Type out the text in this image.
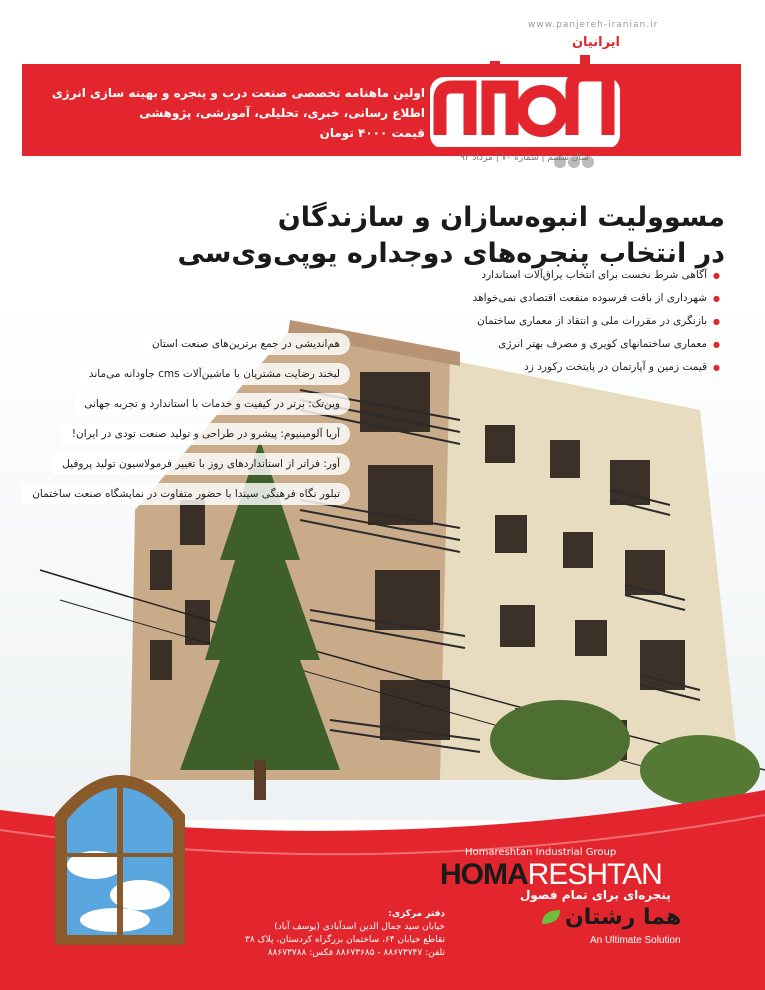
www.panjereh-iranian.ir
ایرانیان
اولین ماهنامه تخصصی صنعت درب و پنجره و بهینه سازی انرژی
اطلاع رسانی، خبری، تحلیلی، آموزشی، پژوهشی
قیمت ۴۰۰۰ تومان
سال ششم | شماره ۷۰ | مرداد ۹۲
مسوولیت انبوه‌سازان و سازندگان
در انتخاب پنجره‌های دوجداره یوپی‌وی‌سی
● آگاهی شرط نخست برای انتخاب یراق‌آلات استاندارد
● شهرداری از بافت فرسوده منفعت اقتصادی نمی‌خواهد
● بازنگری در مقررات ملی و انتقاد از معماری ساختمان
● معماری ساختمانهای کویری و مصرف بهتر انرژی
● قیمت زمین و آپارتمان در پایتخت رکورد زد
هم‌اندیشی در جمع برترین‌های صنعت استان
لبخند رضایت مشتریان با ماشین‌آلات cms جاودانه می‌ماند
وین‌تک: برتر در کیفیت و خدمات با استاندارد و تجربه جهانی
آریا آلومینیوم: پیشرو در طراحی و تولید صنعت تودی در ایران!
آور: فراتر از استاندارد‌های روز با تغییر فرمولاسیون تولید پروفیل
تبلور نگاه فرهنگی سیندا با حضور متفاوت در نمایشگاه صنعت ساختمان
Homareshtan Industrial Group
HOMARESHTAN
پنجره‌ای برای تمام فصول
هما رشتان
An Ultimate Solution
دفتر مرکزی:
خیابان سید جمال الدین اسدآبادی (یوسف آباد)
تقاطع خیابان ۶۴، ساختمان بزرگراه کردستان، پلاک ۳۸
تلفن: ۸۸۶۷۳۷۴۷ - ۸۸۶۷۳۶۸۵ فکس: ۸۸۶۷۳۷۸۸
